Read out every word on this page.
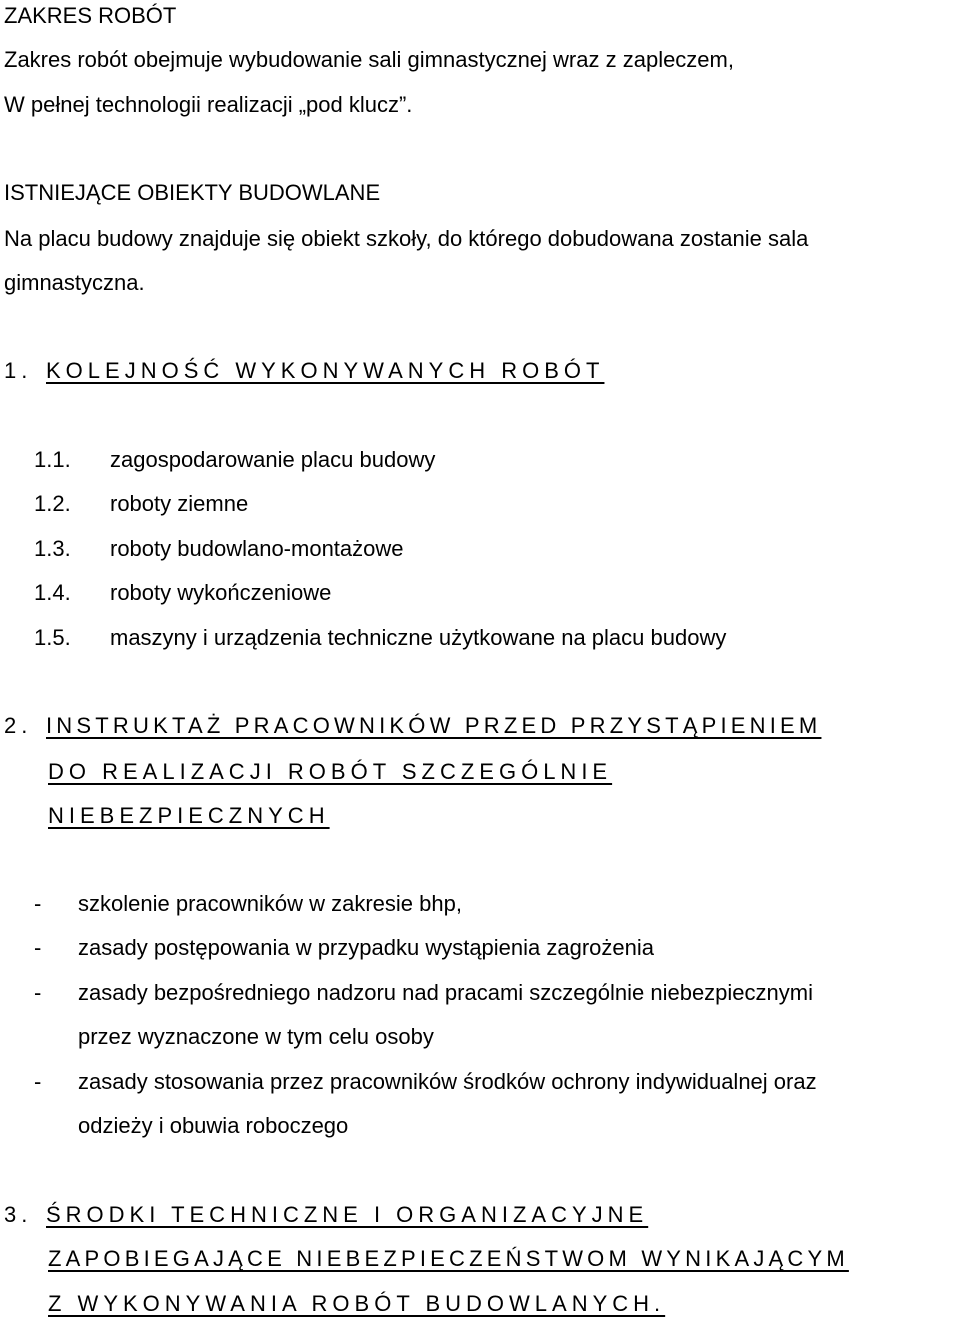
ZAKRES ROBÓT
Zakres robót obejmuje wybudowanie sali gimnastycznej wraz z zapleczem,
W pełnej technologii realizacji „pod klucz”.
ISTNIEJĄCE OBIEKTY BUDOWLANE
Na placu budowy znajduje się obiekt szkoły, do którego dobudowana zostanie sala
gimnastyczna.
1. KOLEJNOŚĆ WYKONYWANYCH ROBÓT
1.1. zagospodarowanie placu budowy
1.2. roboty ziemne
1.3. roboty budowlano-montażowe
1.4. roboty wykończeniowe
1.5. maszyny i urządzenia techniczne użytkowane na placu budowy
2. INSTRUKTAŻ PRACOWNIKÓW PRZED PRZYSTĄPIENIEM
DO REALIZACJI ROBÓT SZCZEGÓLNIE
NIEBEZPIECZNYCH
- szkolenie pracowników w zakresie bhp,
- zasady postępowania w przypadku wystąpienia zagrożenia
- zasady bezpośredniego nadzoru nad pracami szczególnie niebezpiecznymi
przez wyznaczone w tym celu osoby
- zasady stosowania przez pracowników środków ochrony indywidualnej oraz
odzieży i obuwia roboczego
3. ŚRODKI TECHNICZNE I ORGANIZACYJNE
ZAPOBIEGAJĄCE NIEBEZPIECZEŃSTWOM WYNIKAJĄCYM
Z WYKONYWANIA ROBÓT BUDOWLANYCH.
